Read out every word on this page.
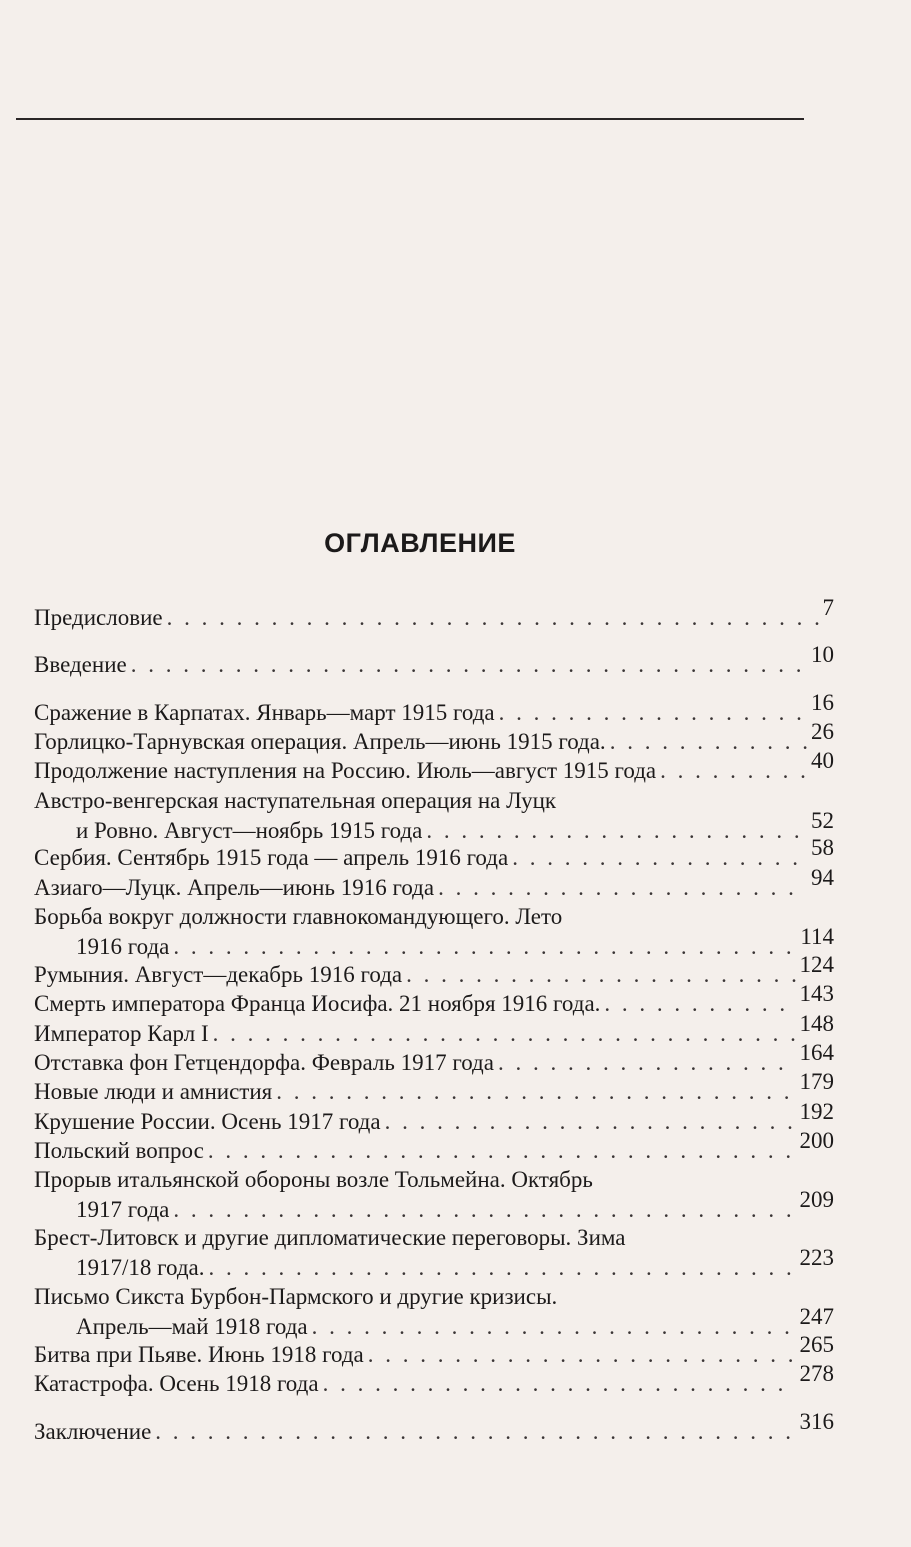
ОГЛАВЛЕНИЕ
Предисловие . . .	7
Введение . . .	10
Сражение в Карпатах. Январь—март 1915 года . . .	16
Горлицко-Тарнувская операция. Апрель—июнь 1915 года. . . .	26
Продолжение наступления на Россию. Июль—август 1915 года . . .	40
Австро-венгерская наступательная операция на Луцк
и Ровно. Август—ноябрь 1915 года . . .	52
Сербия. Сентябрь 1915 года — апрель 1916 года . . .	58
Азиаго—Луцк. Апрель—июнь 1916 года . . .	94
Борьба вокруг должности главнокомандующего. Лето
1916 года . . .	114
Румыния. Август—декабрь 1916 года . . .	124
Смерть императора Франца Иосифа. 21 ноября 1916 года. . . .	143
Император Карл I . . .	148
Отставка фон Гетцендорфа. Февраль 1917 года . . .	164
Новые люди и амнистия . . .	179
Крушение России. Осень 1917 года . . .	192
Польский вопрос . . .	200
Прорыв итальянской обороны возле Тольмейна. Октябрь
1917 года . . .	209
Брест-Литовск и другие дипломатические переговоры. Зима
1917/18 года. . . .	223
Письмо Сикста Бурбон-Пармского и другие кризисы.
Апрель—май 1918 года . . .	247
Битва при Пьяве. Июнь 1918 года . . .	265
Катастрофа. Осень 1918 года . . .	278
Заключение . . .	316
